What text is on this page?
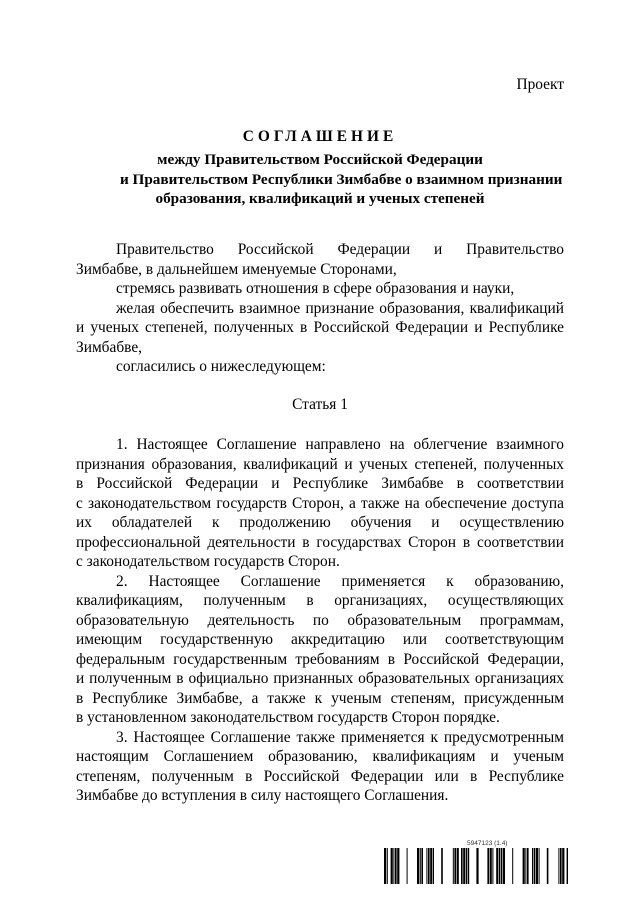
Проект
СОГЛАШЕНИЕ
между Правительством Российской Федерации
и Правительством Республики Зимбабве о взаимном признании
образования, квалификаций и ученых степеней
Правительство Российской Федерации и Правительство
Зимбабве, в дальнейшем именуемые Сторонами,
стремясь развивать отношения в сфере образования и науки,
желая обеспечить взаимное признание образования, квалификаций
и ученых степеней, полученных в Российской Федерации и Республике
Зимбабве,
согласились о нижеследующем:
Статья 1
1. Настоящее Соглашение направлено на облегчение взаимного
признания образования, квалификаций и ученых степеней, полученных
в Российской Федерации и Республике Зимбабве в соответствии
с законодательством государств Сторон, а также на обеспечение доступа
их обладателей к продолжению обучения и осуществлению
профессиональной деятельности в государствах Сторон в соответствии
с законодательством государств Сторон.
2. Настоящее Соглашение применяется к образованию,
квалификациям, полученным в организациях, осуществляющих
образовательную деятельность по образовательным программам,
имеющим государственную аккредитацию или соответствующим
федеральным государственным требованиям в Российской Федерации,
и полученным в официально признанных образовательных организациях
в Республике Зимбабве, а также к ученым степеням, присужденным
в установленном законодательством государств Сторон порядке.
3. Настоящее Соглашение также применяется к предусмотренным
настоящим Соглашением образованию, квалификациям и ученым
степеням, полученным в Российской Федерации или в Республике
Зимбабве до вступления в силу настоящего Соглашения.
5947123 (1.4)
